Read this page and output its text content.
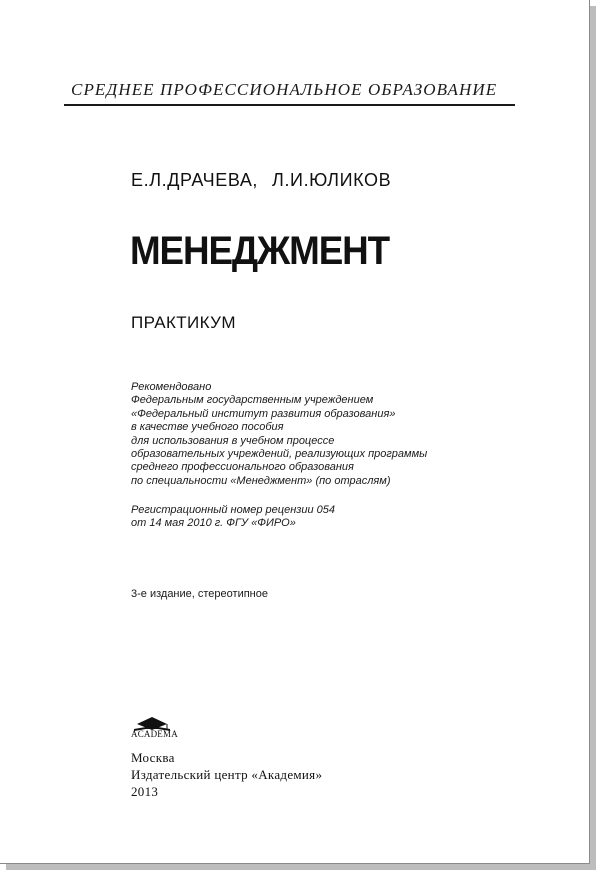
СРЕДНЕЕ ПРОФЕССИОНАЛЬНОЕ ОБРАЗОВАНИЕ
Е.Л.ДРАЧЕВА, Л.И.ЮЛИКОВ
МЕНЕДЖМЕНТ
ПРАКТИКУМ
Рекомендовано
Федеральным государственным учреждением
«Федеральный институт развития образования»
в качестве учебного пособия
для использования в учебном процессе
образовательных учреждений, реализующих программы
среднего профессионального образования
по специальности «Менеджмент» (по отраслям)
Регистрационный номер рецензии 054
от 14 мая 2010 г. ФГУ «ФИРО»
3-е издание, стереотипное
ACADEMA
Москва
Издательский центр «Академия»
2013
